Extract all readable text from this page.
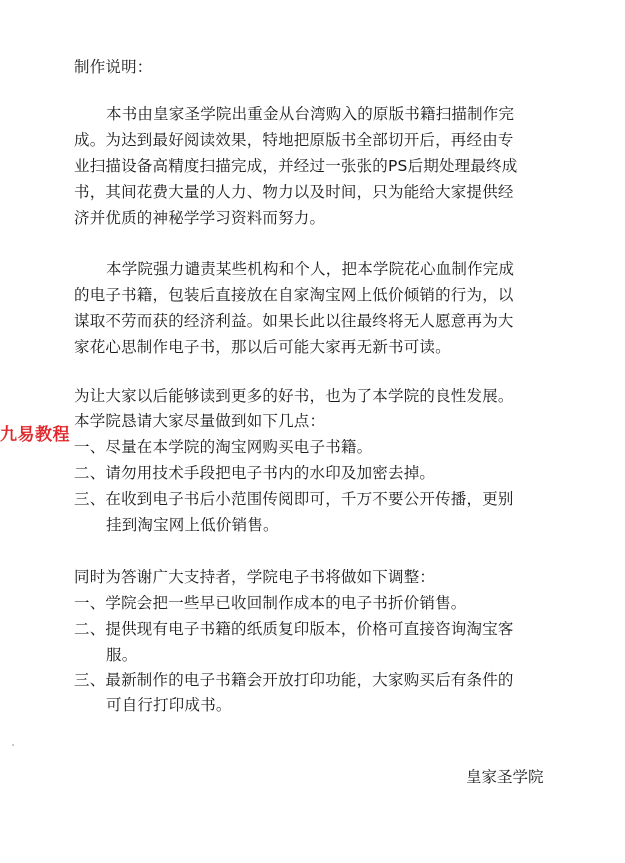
制作说明：
本书由皇家圣学院出重金从台湾购入的原版书籍扫描制作完
成。为达到最好阅读效果，特地把原版书全部切开后，再经由专
业扫描设备高精度扫描完成，并经过一张张的PS后期处理最终成
书，其间花费大量的人力、物力以及时间，只为能给大家提供经
济并优质的神秘学学习资料而努力。
本学院强力谴责某些机构和个人，把本学院花心血制作完成
的电子书籍，包装后直接放在自家淘宝网上低价倾销的行为，以
谋取不劳而获的经济利益。如果长此以往最终将无人愿意再为大
家花心思制作电子书，那以后可能大家再无新书可读。
为让大家以后能够读到更多的好书，也为了本学院的良性发展。
本学院恳请大家尽量做到如下几点：
一、尽量在本学院的淘宝网购买电子书籍。
二、请勿用技术手段把电子书内的水印及加密去掉。
三、在收到电子书后小范围传阅即可，千万不要公开传播，更别
挂到淘宝网上低价销售。
同时为答谢广大支持者，学院电子书将做如下调整：
一、学院会把一些早已收回制作成本的电子书折价销售。
二、提供现有电子书籍的纸质复印版本，价格可直接咨询淘宝客
服。
三、最新制作的电子书籍会开放打印功能，大家购买后有条件的
可自行打印成书。
皇家圣学院
九易教程
